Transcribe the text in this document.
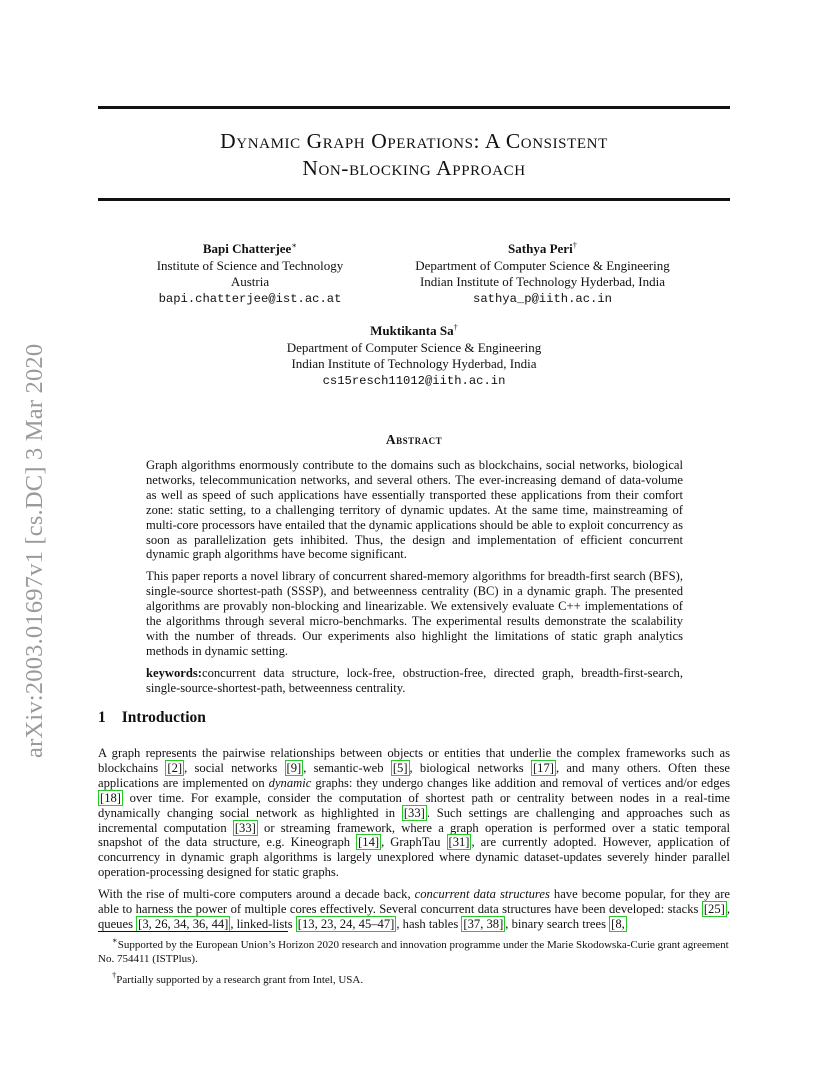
arXiv:2003.01697v1 [cs.DC] 3 Mar 2020
Dynamic Graph Operations: A Consistent
Non-blocking Approach
Bapi Chatterjee∗
Institute of Science and Technology
Austria
bapi.chatterjee@ist.ac.at
Sathya Peri†
Department of Computer Science & Engineering
Indian Institute of Technology Hyderbad, India
sathya_p@iith.ac.in
Muktikanta Sa†
Department of Computer Science & Engineering
Indian Institute of Technology Hyderbad, India
cs15resch11012@iith.ac.in
Abstract

Graph algorithms enormously contribute to the domains such as blockchains, social networks, biological networks, telecommunication networks, and several others. The ever-increasing demand of data-volume as well as speed of such applications have essentially transported these applications from their comfort zone: static setting, to a challenging territory of dynamic updates. At the same time, mainstreaming of multi-core processors have entailed that the dynamic applications should be able to exploit concurrency as soon as parallelization gets inhibited. Thus, the design and implementation of efficient concurrent dynamic graph algorithms have become significant.

This paper reports a novel library of concurrent shared-memory algorithms for breadth-first search (BFS), single-source shortest-path (SSSP), and betweenness centrality (BC) in a dynamic graph. The presented algorithms are provably non-blocking and linearizable. We extensively evaluate C++ implementations of the algorithms through several micro-benchmarks. The experimental results demonstrate the scalability with the number of threads. Our experiments also highlight the limitations of static graph analytics methods in dynamic setting.

keywords:concurrent data structure, lock-free, obstruction-free, directed graph, breadth-first-search, single-source-shortest-path, betweenness centrality.

1 Introduction

A graph represents the pairwise relationships between objects or entities that underlie the complex frameworks such as blockchains [2] , social networks [9] , semantic-web [5] , biological networks [17] , and many others. Often these applications are implemented on dynamic graphs: they undergo changes like addition and removal of vertices and/or edges [18] over time. For example, consider the computation of shortest path or centrality between nodes in a real-time dynamically changing social network as highlighted in [33] . Such settings are challenging and approaches such as incremental computation [33] or streaming framework, where a graph operation is performed over a static temporal snapshot of the data structure, e.g. Kineograph [14] , GraphTau [31] , are currently adopted. However, application of concurrency in dynamic graph algorithms is largely unexplored where dynamic dataset-updates severely hinder parallel operation-processing designed for static graphs.

With the rise of multi-core computers around a decade back, concurrent data structures have become popular, for they are able to harness the power of multiple cores effectively. Several concurrent data structures have been developed: stacks [25] , queues [3, 26, 34, 36, 44] , linked-lists [13, 23, 24, 45–47] , hash tables [37, 38] , binary search trees [8,

∗Supported by the European Union’s Horizon 2020 research and innovation programme under the Marie Skodowska-Curie grant agreement No. 754411 (ISTPlus).

†Partially supported by a research grant from Intel, USA.
